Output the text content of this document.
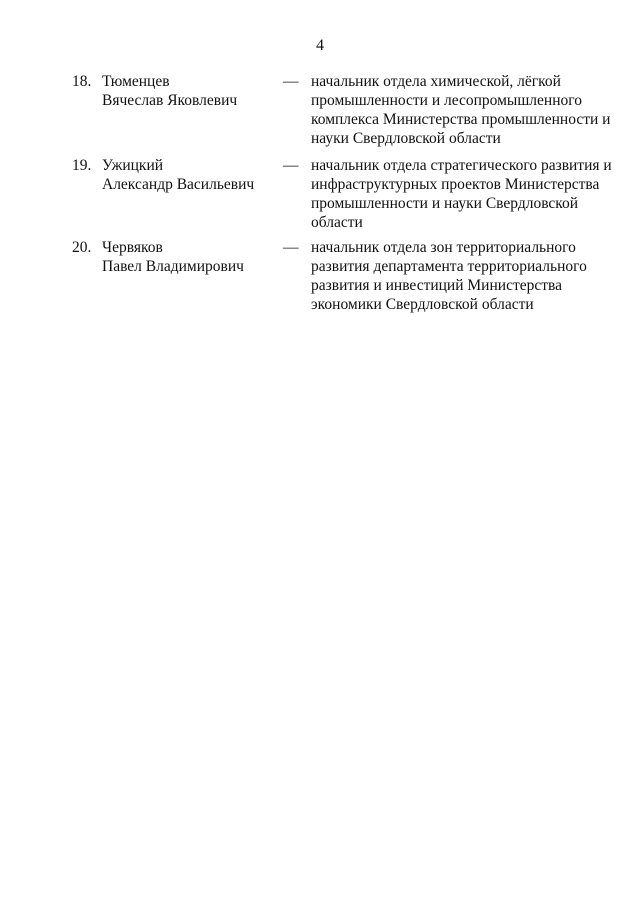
4
18. Тюменцев
Вячеслав Яковлевич
— начальник отдела химической, лёгкой
промышленности и лесопромышленного
комплекса Министерства промышленности и
науки Свердловской области
19. Ужицкий
Александр Васильевич
— начальник отдела стратегического развития и
инфраструктурных проектов Министерства
промышленности и науки Свердловской
области
20. Червяков
Павел Владимирович
— начальник отдела зон территориального
развития департамента территориального
развития и инвестиций Министерства
экономики Свердловской области
